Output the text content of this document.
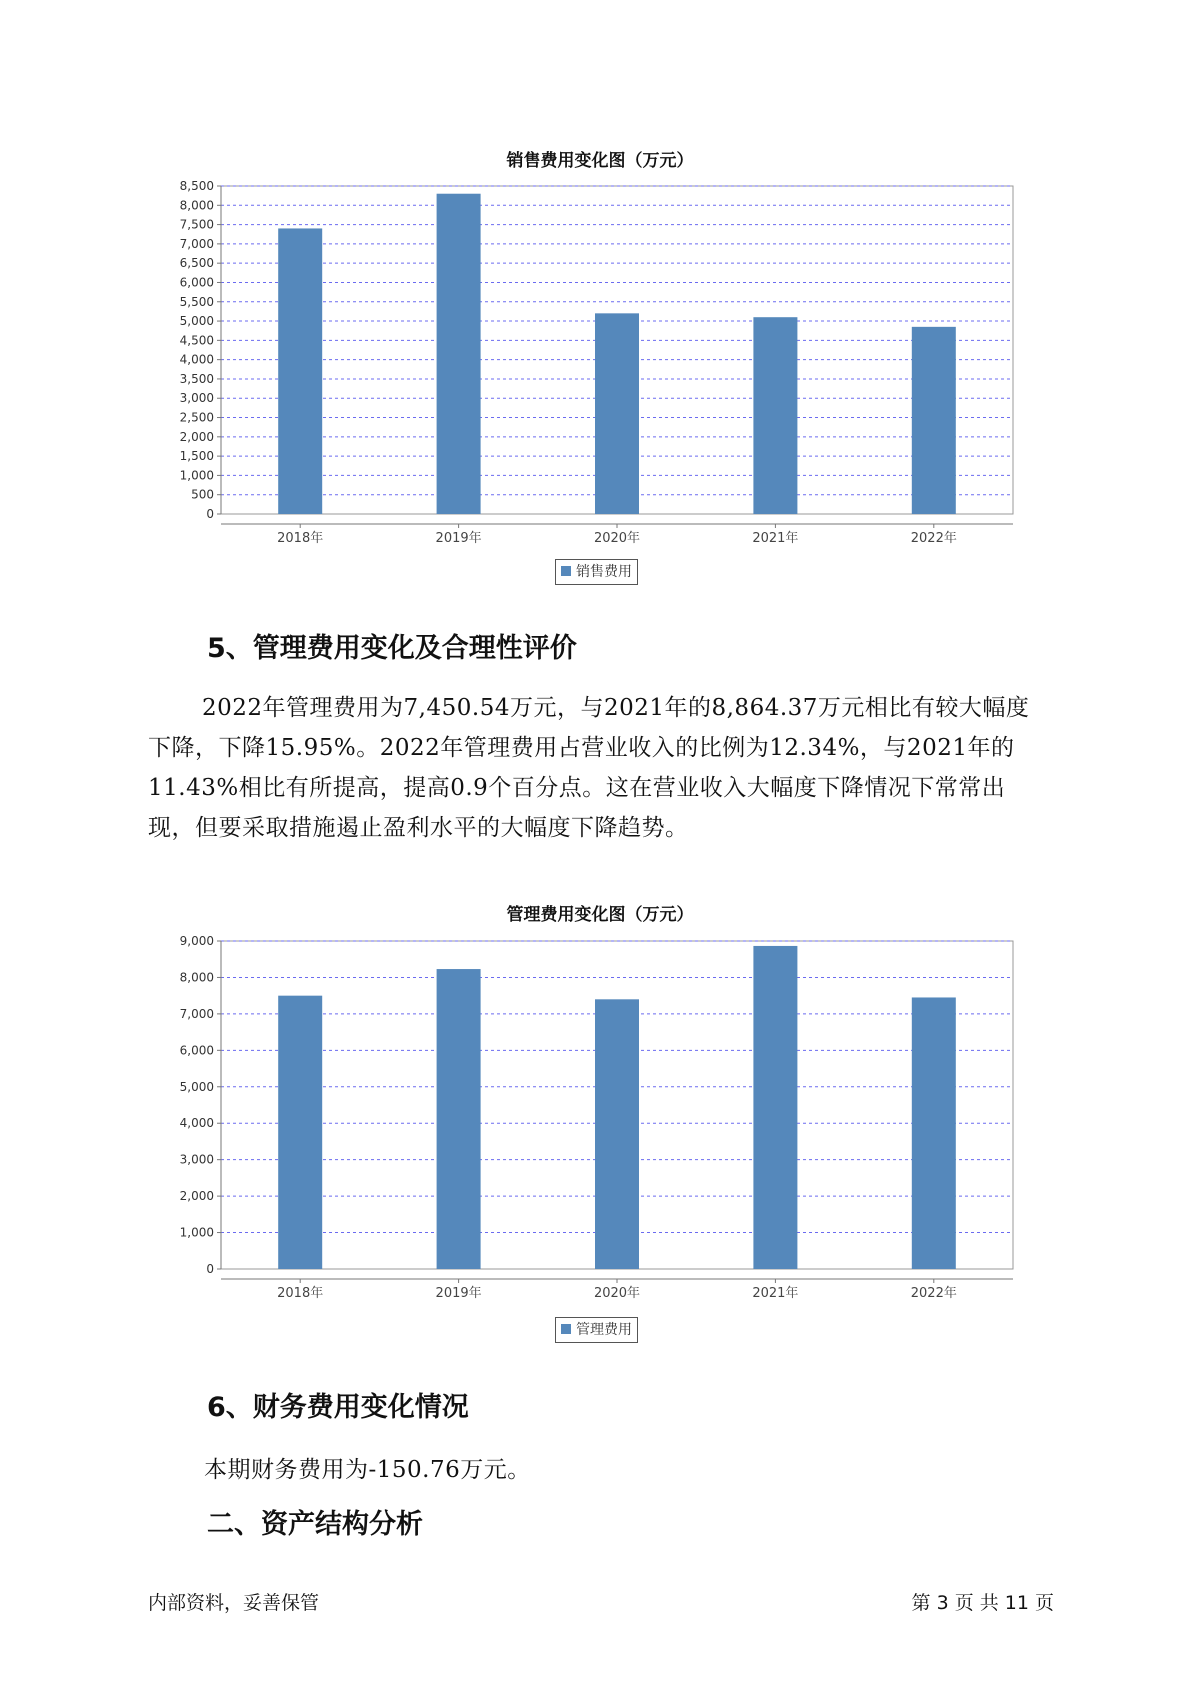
销售费用变化图（万元）
0
500
1,000
1,500
2,000
2,500
3,000
3,500
4,000
4,500
5,000
5,500
6,000
6,500
7,000
7,500
8,000
8,500
2018年	2019年	2020年	2021年	2022年
销售费用
5、管理费用变化及合理性评价

2022年管理费用为7,450.54万元，与2021年的8,864.37万元相比有较大幅度下降，下降15.95%。2022年管理费用占营业收入的比例为12.34%，与2021年的11.43%相比有所提高，提高0.9个百分点。这在营业收入大幅度下降情况下常常出现，但要采取措施遏止盈利水平的大幅度下降趋势。

管理费用变化图（万元）
0
1,000
2,000
3,000
4,000
5,000
6,000
7,000
8,000
9,000
2018年	2019年	2020年	2021年	2022年
管理费用
6、财务费用变化情况
本期财务费用为-150.76万元。
二、资产结构分析
内部资料，妥善保管	第 3 页 共 11 页
